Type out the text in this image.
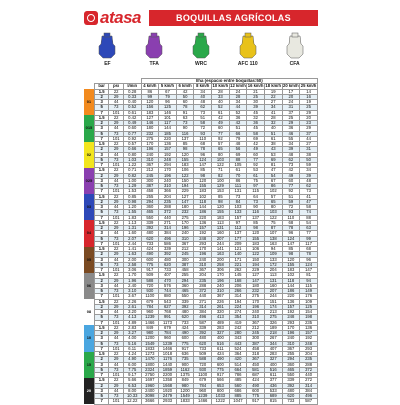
atasa	BOQUILLAS AGRÍCOLAS
EF	TFA	WRC	AFC 110	CFA
				l/ha (espacio entre boquillas:50)									
	bar	psi	l/min	4 km/h	5 km/h	6 km/h	8 km/h	10 km/h	12 km/h	16 km/h	18 km/h	20 km/h	25 km/h
01	1.5	22	0.28	86	67	42	34	28	24	21	19	17	14
	2	29	0.33	99	79	50	40	33	28	25	22	20	16
	3	44	0.40	120	96	60	48	40	34	30	27	24	19
	5	73	0.52	156	125	78	62	52	44	39	34	31	25
	7	101	0.61	183	146	91	73	61	52	45	41	37	29
015	1.5	22	0.42	127	101	63	51	42	36	32	28	25	20
	2	29	0.49	146	117	73	58	49	42	36	32	29	23
	3	44	0.60	180	144	90	72	60	51	45	40	36	29
	5	73	0.77	232	185	116	93	77	66	58	51	46	37
	7	101	0.92	275	220	137	110	92	79	69	61	55	44
02	1.5	22	0.57	170	136	85	68	57	48	42	38	34	27
	2	29	0.66	196	157	98	78	65	56	49	43	39	31
	3	44	0.80	240	192	120	96	80	69	60	53	48	38
	5	73	1.03	310	248	155	124	103	88	77	69	62	50
	7	101	1.22	367	294	183	147	122	105	92	81	73	59
025	1.5	22	0.71	212	170	106	85	71	61	53	47	42	34
	2	29	0.82	245	196	122	98	82	70	61	54	49	39
	3	44	1.00	300	240	150	120	100	86	75	67	60	48
	5	73	1.29	387	310	194	155	129	111	97	86	77	62
	7	101	1.53	458	366	229	183	153	131	115	102	92	73
03	1.5	22	0.85	255	204	127	102	85	73	64	57	51	41
	2	29	0.98	294	235	147	118	98	84	73	65	59	47
	3	44	1.20	360	288	180	144	120	103	90	80	72	58
	5	73	1.55	465	372	232	186	155	133	116	103	93	74
	7	101	1.83	550	440	275	220	183	157	137	122	110	88
04	1.5	22	1.13	339	271	170	136	113	97	85	75	68	54
	2	29	1.31	392	314	196	157	131	112	98	87	78	63
	3	44	1.60	480	384	240	192	160	137	120	107	96	77
	5	73	2.07	620	496	310	248	207	177	155	138	124	99
	7	101	2.44	733	586	367	293	244	209	183	163	147	117
05	1.5	22	1.41	424	339	212	170	141	121	106	94	85	68
	2	29	1.63	490	392	245	196	163	140	122	109	98	78
	3	44	2.00	600	480	300	240	200	171	150	133	120	96
	5	73	2.58	775	620	387	310	258	221	194	172	155	124
	7	101	3.06	917	733	458	367	306	262	229	204	183	147
06	1.5	22	1.70	509	407	255	204	170	145	127	113	102	81
	2	29	1.96	588	470	294	235	196	168	147	131	118	94
	3	44	2.40	720	576	360	288	240	206	180	160	144	115
	5	73	3.10	930	744	465	372	310	266	232	207	186	149
	7	101	3.67	1100	880	550	440	367	314	275	244	220	176
08	1.5	22	2.26	679	543	339	271	226	194	170	151	136	109
	2	29	2.61	784	627	392	314	261	224	196	174	157	125
	3	44	3.20	960	768	480	384	320	274	240	213	192	154
	5	73	4.13	1239	991	620	496	413	354	310	275	248	198
	7	101	4.89	1466	1173	733	587	489	419	367	326	293	235
10	1.5	22	2.83	849	679	424	339	283	242	212	189	170	136
	2	29	3.27	980	784	490	392	327	280	245	218	196	157
	3	44	4.00	1200	960	600	480	400	343	300	267	240	192
	5	73	5.16	1549	1239	775	620	516	443	387	344	310	248
	7	101	6.11	1833	1466	917	733	611	524	458	407	367	293
15	1.5	22	4.24	1273	1018	636	509	424	364	318	283	255	204
	2	29	4.90	1470	1176	735	588	490	420	367	327	294	235
	3	44	6.00	1800	1440	900	720	600	514	450	400	360	288
	5	73	7.75	2324	1859	1162	930	775	664	581	516	465	372
	7	101	9.17	2750	2200	1375	1100	917	786	687	611	550	440
20	1.5	22	5.66	1697	1358	849	679	566	485	424	377	339	272
	2	29	6.53	1960	1568	980	784	653	560	490	436	392	314
	3	44	8.00	2400	1920	1200	960	800	686	600	533	480	384
	5	73	10.33	3098	2479	1549	1239	1033	885	775	689	620	496
	7	101	12.22	3666	2933	1833	1466	1222	1047	917	815	733	587
